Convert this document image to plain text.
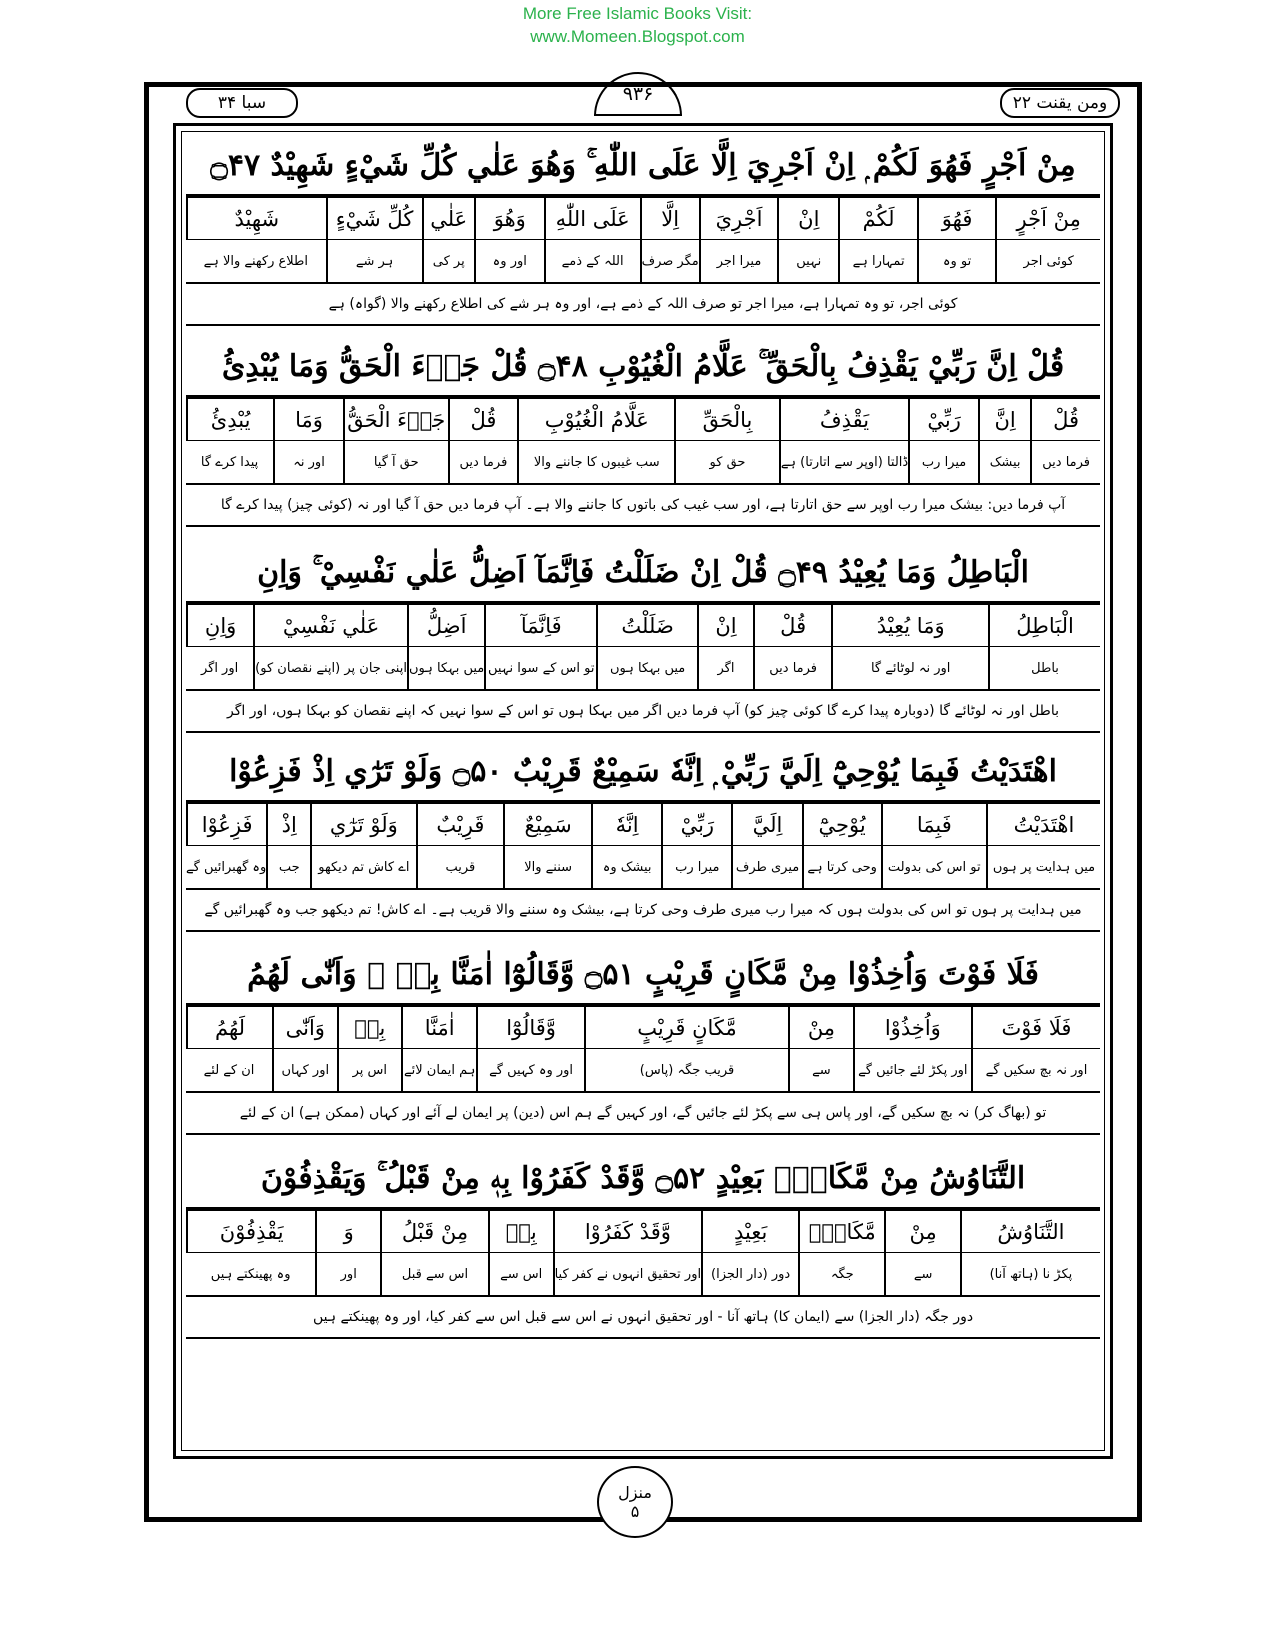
More Free Islamic Books Visit:
www.Momeen.Blogspot.com
سبا ۳۴	۹۳۶	ومن یقنت ۲۲
مِنْ اَجْرٍ فَهُوَ لَكُمْ ۭ اِنْ اَجْرِيَ اِلَّا عَلَى اللّٰهِ ۚ وَهُوَ عَلٰي كُلِّ شَيْءٍ شَهِيْدٌ ۝۴۷
مِنْ اَجْرٍ
فَهُوَ
لَكُمْ
اِنْ
اَجْرِيَ
اِلَّا
عَلَى اللّٰهِ
وَهُوَ
عَلٰي
كُلِّ شَيْءٍ
شَهِيْدٌ
کوئی اجر
تو وہ
تمہارا ہے
نہیں
میرا اجر
مگر صرف
اللہ کے ذمے
اور وہ
پر کی
ہر شے
اطلاع رکھنے والا ہے
کوئی اجر، تو وہ تمہارا ہے، میرا اجر تو صرف اللہ کے ذمے ہے، اور وہ ہر شے کی اطلاع رکھنے والا (گواہ) ہے
قُلْ اِنَّ رَبِّيْ يَقْذِفُ بِالْحَقِّ ۚ عَلَّامُ الْغُيُوْبِ ۝۴۸ قُلْ جَاۗءَ الْحَقُّ وَمَا يُبْدِئُ
قُلْ
اِنَّ
رَبِّيْ
يَقْذِفُ
بِالْحَقِّ
عَلَّامُ الْغُيُوْبِ
قُلْ
جَاۗءَ الْحَقُّ
وَمَا
يُبْدِئُ
فرما دیں
بیشک
میرا رب
ڈالتا (اوپر سے اتارتا) ہے
حق کو
سب غیبوں کا جاننے والا
فرما دیں
حق آ گیا
اور نہ
پیدا کرے گا
آپ فرما دیں: بیشک میرا رب اوپر سے حق اتارتا ہے، اور سب غیب کی باتوں کا جاننے والا ہے۔ آپ فرما دیں حق آ گیا اور نہ (کوئی چیز) پیدا کرے گا
الْبَاطِلُ وَمَا يُعِيْدُ ۝۴۹ قُلْ اِنْ ضَلَلْتُ فَاِنَّمَآ اَضِلُّ عَلٰي نَفْسِيْ ۚ وَاِنِ
الْبَاطِلُ
وَمَا يُعِيْدُ
قُلْ
اِنْ
ضَلَلْتُ
فَاِنَّمَآ
اَضِلُّ
عَلٰي نَفْسِيْ
وَاِنِ
باطل
اور نہ لوٹائے گا
فرما دیں
اگر
میں بہکا ہوں
تو اس کے سوا نہیں
میں بہکا ہوں
اپنی جان پر (اپنے نقصان کو)
اور اگر
باطل اور نہ لوٹائے گا (دوبارہ پیدا کرے گا کوئی چیز کو) آپ فرما دیں اگر میں بہکا ہوں تو اس کے سوا نہیں کہ اپنے نقصان کو بہکا ہوں، اور اگر
اهْتَدَيْتُ فَبِمَا يُوْحِيْٓ اِلَيَّ رَبِّيْ ۭ اِنَّهٗ سَمِيْعٌ قَرِيْبٌ ۝۵۰ وَلَوْ تَرٰٓي اِذْ فَزِعُوْا
اهْتَدَيْتُ
فَبِمَا
يُوْحِيْٓ
اِلَيَّ
رَبِّيْ
اِنَّهٗ
سَمِيْعٌ
قَرِيْبٌ
وَلَوْ تَرٰٓي
اِذْ
فَزِعُوْا
میں ہدایت پر ہوں
تو اس کی بدولت
وحی کرتا ہے
میری طرف
میرا رب
بیشک وہ
سننے والا
قریب
اے کاش تم دیکھو
جب
وہ گھبرائیں گے
میں ہدایت پر ہوں تو اس کی بدولت ہوں کہ میرا رب میری طرف وحی کرتا ہے، بیشک وہ سننے والا قریب ہے۔ اے کاش! تم دیکھو جب وہ گھبرائیں گے
فَلَا فَوْتَ وَاُخِذُوْا مِنْ مَّكَانٍ قَرِيْبٍ ۝۵۱ وَّقَالُوْٓا اٰمَنَّا بِهٖ ۚ وَاَنّٰى لَهُمُ
فَلَا فَوْتَ
وَاُخِذُوْا
مِنْ
مَّكَانٍ قَرِيْبٍ
وَّقَالُوْٓا
اٰمَنَّا
بِهٖ
وَاَنّٰى
لَهُمُ
اور نہ بچ سکیں گے
اور پکڑ لئے جائیں گے
سے
قریب جگہ (پاس)
اور وہ کہیں گے
ہم ایمان لائے
اس پر
اور کہاں
ان کے لئے
تو (بھاگ کر) نہ بچ سکیں گے، اور پاس ہی سے پکڑ لئے جائیں گے، اور کہیں گے ہم اس (دین) پر ایمان لے آئے اور کہاں (ممکن ہے) ان کے لئے
التَّنَاوُشُ مِنْ مَّكَانٍۢ بَعِيْدٍ ۝۵۲ وَّقَدْ كَفَرُوْا بِهٖ مِنْ قَبْلُ ۚ وَيَقْذِفُوْنَ
التَّنَاوُشُ
مِنْ
مَّكَانٍۢ
بَعِيْدٍ
وَّقَدْ كَفَرُوْا
بِهٖ
مِنْ قَبْلُ
وَ
يَقْذِفُوْنَ
پکڑ نا (ہاتھ آنا)
سے
جگہ
دور (دار الجزا)
اور تحقیق انہوں نے کفر کیا
اس سے
اس سے قبل
اور
وہ پھینکتے ہیں
دور جگہ (دار الجزا) سے (ایمان کا) ہاتھ آنا - اور تحقیق انہوں نے اس سے قبل اس سے کفر کیا، اور وہ پھینکتے ہیں
منزل
۵
